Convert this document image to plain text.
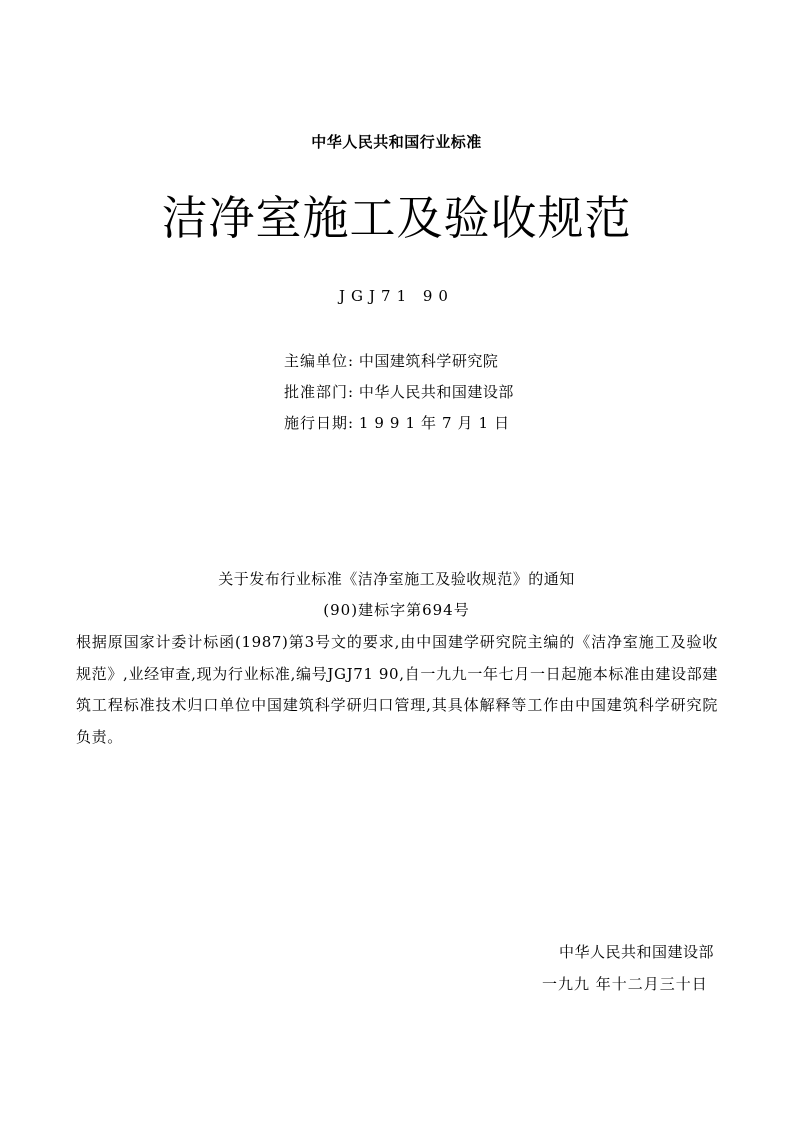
中华人民共和国行业标准
洁净室施工及验收规范
JGJ71 90
主编单位: 中国建筑科学研究院
批准部门: 中华人民共和国建设部
施行日期: 1991年7月1日
关于发布行业标准《洁净室施工及验收规范》的通知
(90)建标字第694号
根据原国家计委计标函(1987)第3号文的要求,由中国建学研究院主编的《洁净室施工及验收规范》,业经审查,现为行业标准,编号JGJ71 90,自一九九一年七月一日起施本标准由建设部建筑工程标准技术归口单位中国建筑科学研归口管理,其具体解释等工作由中国建筑科学研究院负责。
中华人民共和国建设部
一九九 年十二月三十日
